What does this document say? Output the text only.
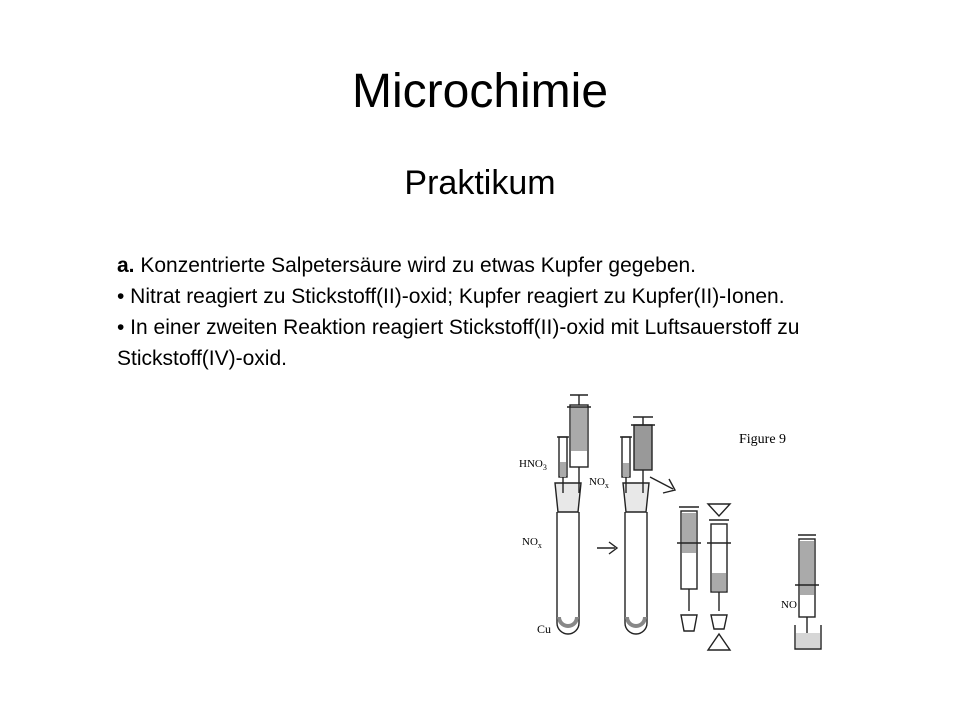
Microchimie
Praktikum

a. Konzentrierte Salpetersäure wird zu etwas Kupfer gegeben.

• Nitrat reagiert zu Stickstoff(II)-oxid; Kupfer reagiert zu Kupfer(II)-Ionen.

• In einer zweiten Reaktion reagiert Stickstoff(II)-oxid mit Luftsauerstoff zu Stickstoff(IV)-oxid.

Figure 9
$HNO_3$
$NO_x$
$NO_x$
Cu
NO
